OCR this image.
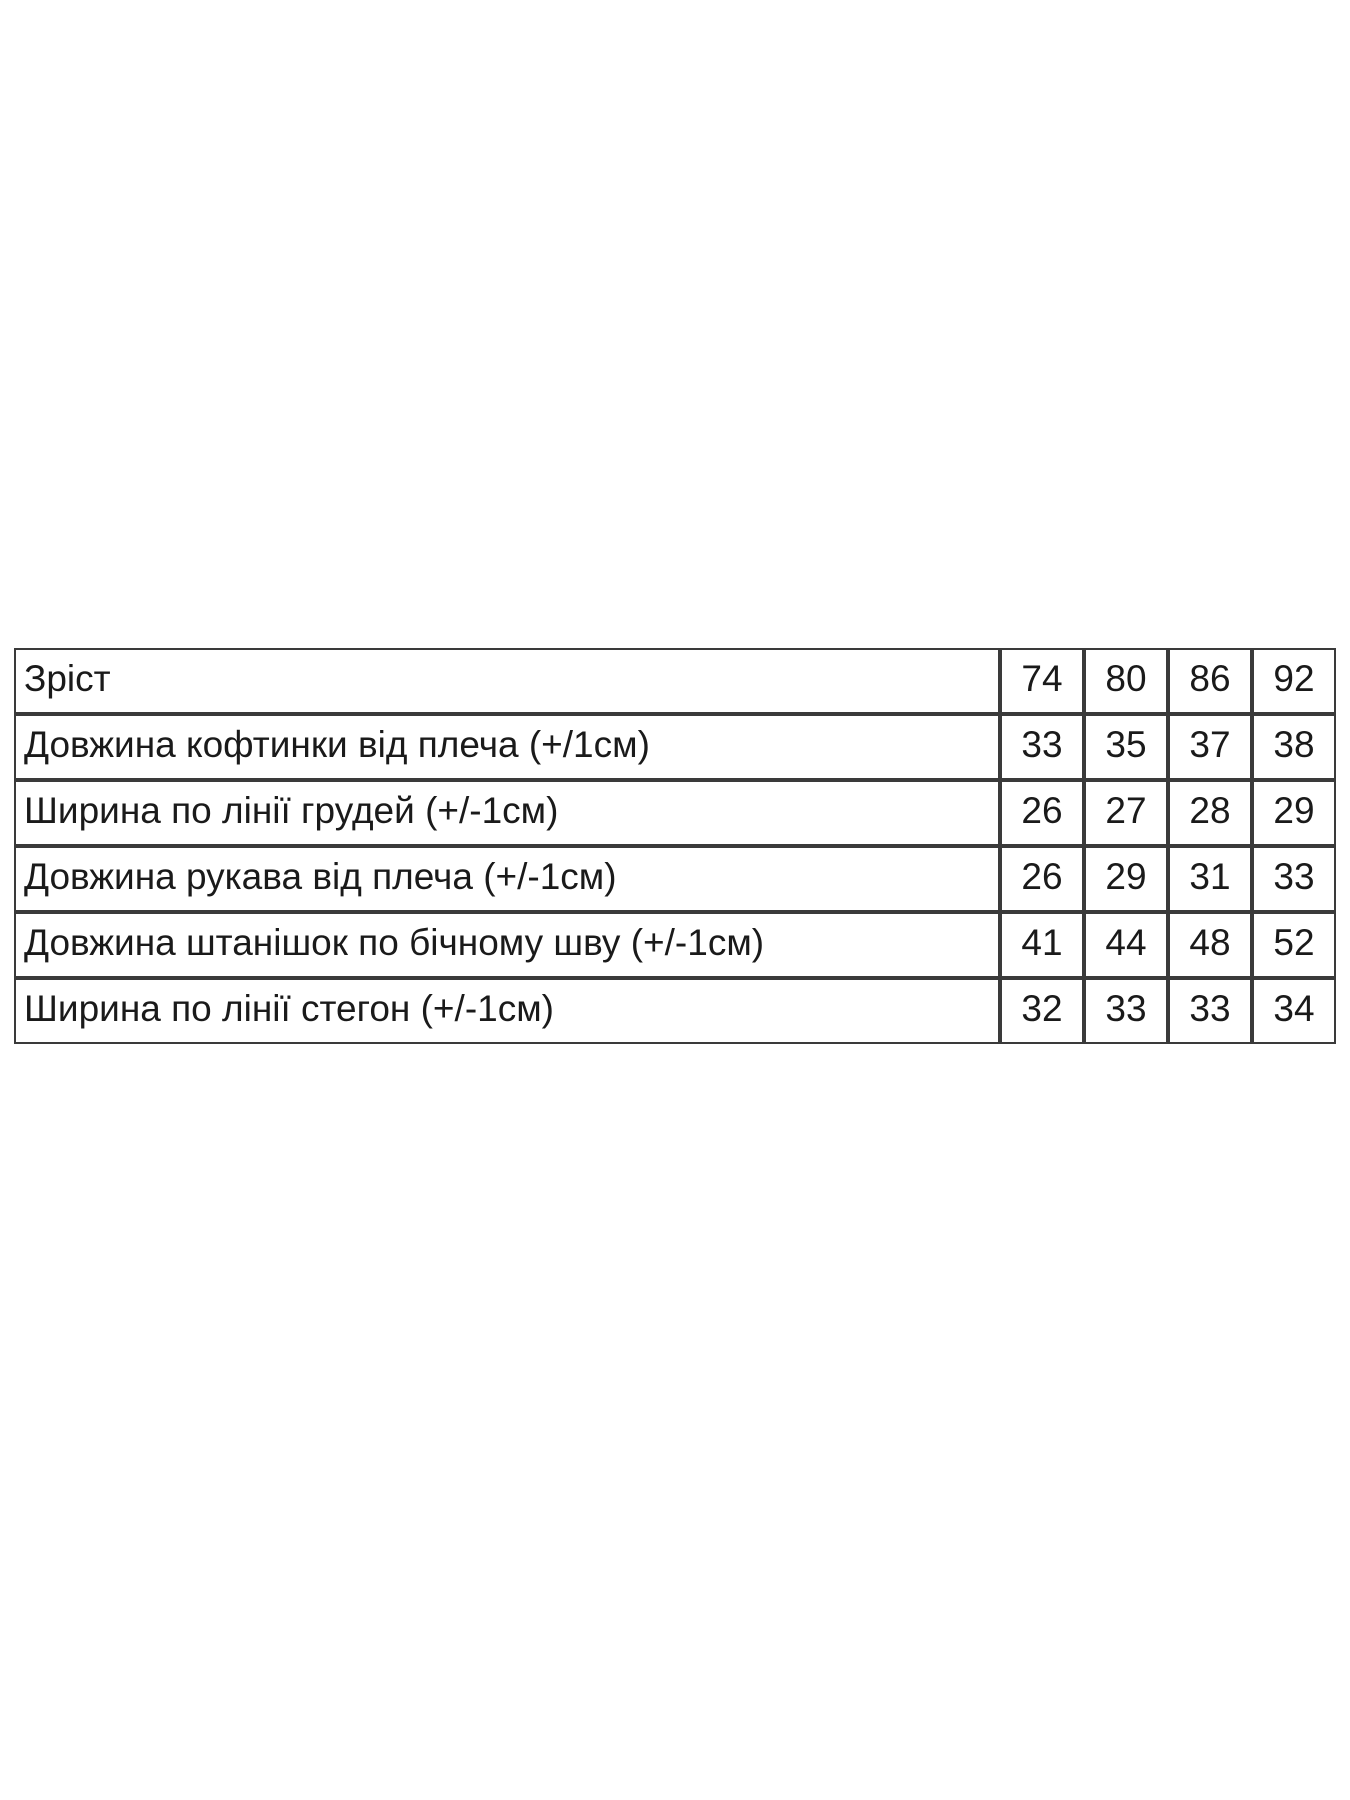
Зріст	74	80	86	92
Довжина кофтинки від плеча (+/1см)	33	35	37	38
Ширина по лінії грудей (+/-1см)	26	27	28	29
Довжина рукава від плеча (+/-1см)	26	29	31	33
Довжина штанішок по бічному шву (+/-1см)	41	44	48	52
Ширина по лінії стегон (+/-1см)	32	33	33	34
